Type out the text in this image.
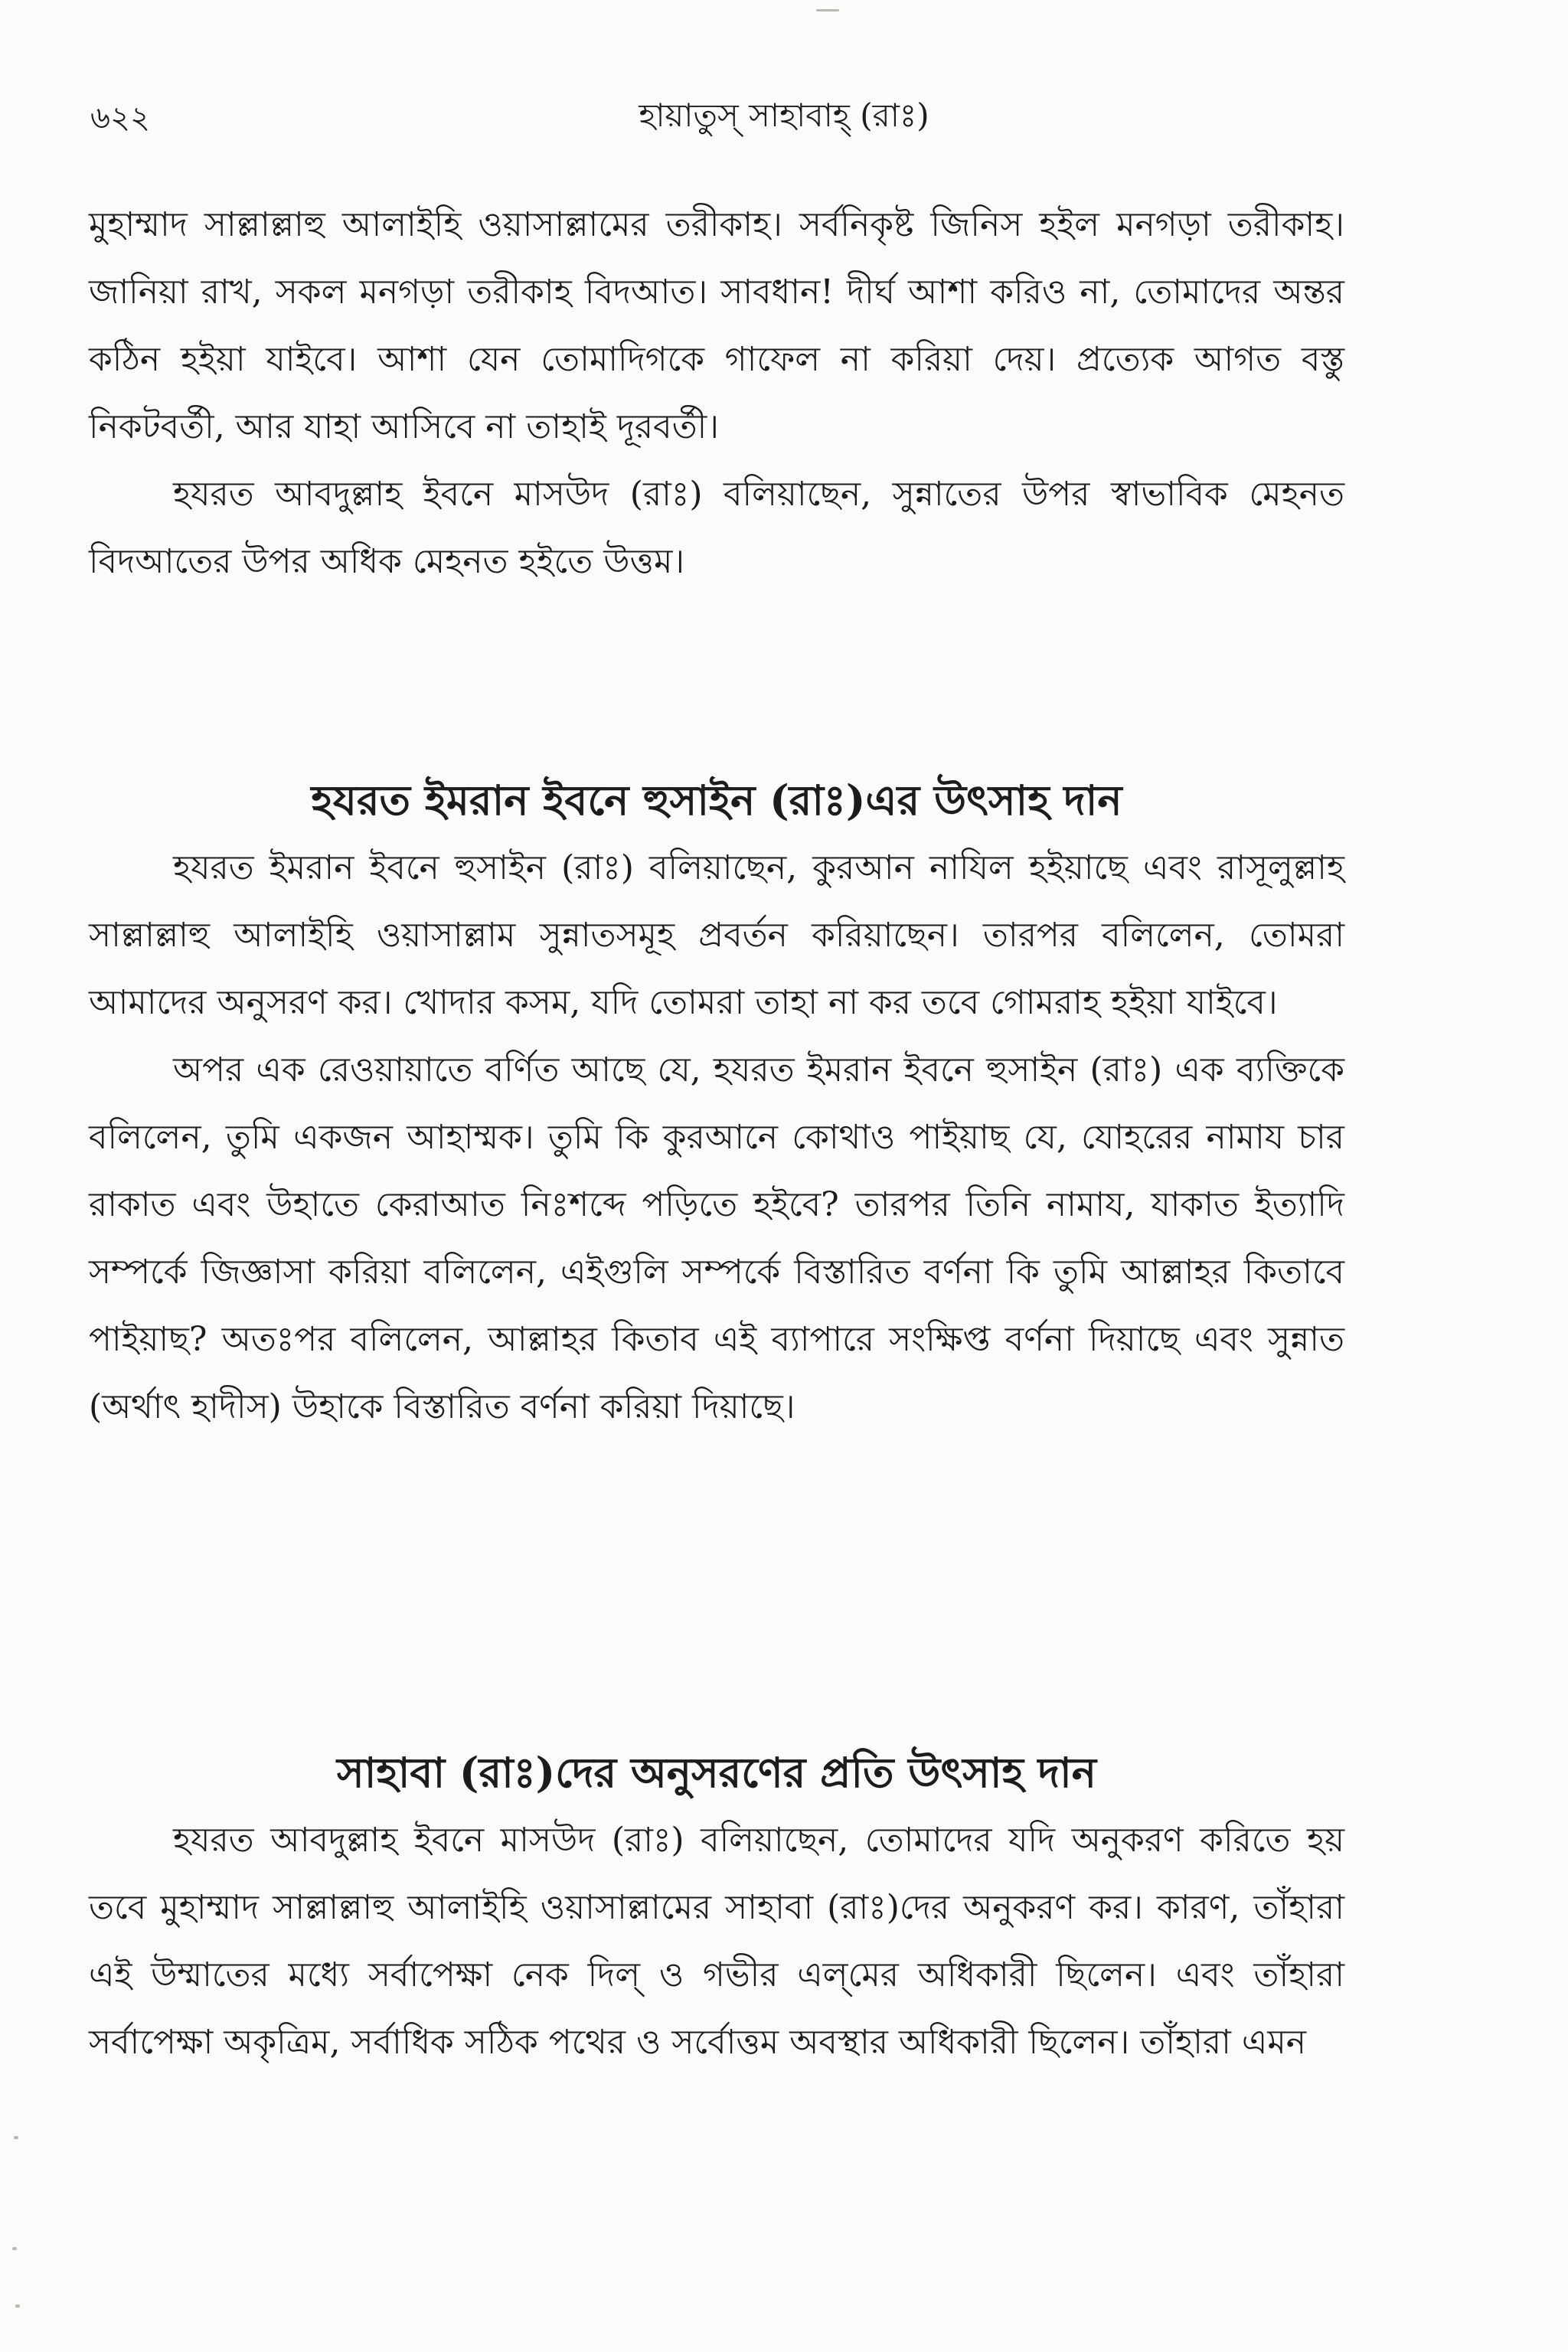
৬২২	হায়াতুস্ সাহাবাহ্ (রাঃ)

মুহাম্মাদ সাল্লাল্লাহু আলাইহি ওয়াসাল্লামের তরীকাহ। সর্বনিকৃষ্ট জিনিস হইল মনগড়া তরীকাহ। জানিয়া রাখ, সকল মনগড়া তরীকাহ বিদআত। সাবধান! দীর্ঘ আশা করিও না, তোমাদের অন্তর কঠিন হইয়া যাইবে। আশা যেন তোমাদিগকে গাফেল না করিয়া দেয়। প্রত্যেক আগত বস্তু নিকটবর্তী, আর যাহা আসিবে না তাহাই দূরবর্তী।

হযরত আবদুল্লাহ ইবনে মাসউদ (রাঃ) বলিয়াছেন, সুন্নাতের উপর স্বাভাবিক মেহনত বিদআতের উপর অধিক মেহনত হইতে উত্তম।

হযরত ইমরান ইবনে হুসাইন (রাঃ)এর উৎসাহ দান

হযরত ইমরান ইবনে হুসাইন (রাঃ) বলিয়াছেন, কুরআন নাযিল হইয়াছে এবং রাসূলুল্লাহ সাল্লাল্লাহু আলাইহি ওয়াসাল্লাম সুন্নাতসমূহ প্রবর্তন করিয়াছেন। তারপর বলিলেন, তোমরা আমাদের অনুসরণ কর। খোদার কসম, যদি তোমরা তাহা না কর তবে গোমরাহ হইয়া যাইবে।

অপর এক রেওয়ায়াতে বর্ণিত আছে যে, হযরত ইমরান ইবনে হুসাইন (রাঃ) এক ব্যক্তিকে বলিলেন, তুমি একজন আহাম্মক। তুমি কি কুরআনে কোথাও পাইয়াছ যে, যোহরের নামায চার রাকাত এবং উহাতে কেরাআত নিঃশব্দে পড়িতে হইবে? তারপর তিনি নামায, যাকাত ইত্যাদি সম্পর্কে জিজ্ঞাসা করিয়া বলিলেন, এইগুলি সম্পর্কে বিস্তারিত বর্ণনা কি তুমি আল্লাহর কিতাবে পাইয়াছ? অতঃপর বলিলেন, আল্লাহর কিতাব এই ব্যাপারে সংক্ষিপ্ত বর্ণনা দিয়াছে এবং সুন্নাত (অর্থাৎ হাদীস) উহাকে বিস্তারিত বর্ণনা করিয়া দিয়াছে।

সাহাবা (রাঃ)দের অনুসরণের প্রতি উৎসাহ দান

হযরত আবদুল্লাহ ইবনে মাসউদ (রাঃ) বলিয়াছেন, তোমাদের যদি অনুকরণ করিতে হয় তবে মুহাম্মাদ সাল্লাল্লাহু আলাইহি ওয়াসাল্লামের সাহাবা (রাঃ)দের অনুকরণ কর। কারণ, তাঁহারা এই উম্মাতের মধ্যে সর্বাপেক্ষা নেক দিল্ ও গভীর এল্‌মের অধিকারী ছিলেন। এবং তাঁহারা সর্বাপেক্ষা অকৃত্রিম, সর্বাধিক সঠিক পথের ও সর্বোত্তম অবস্থার অধিকারী ছিলেন। তাঁহারা এমন
